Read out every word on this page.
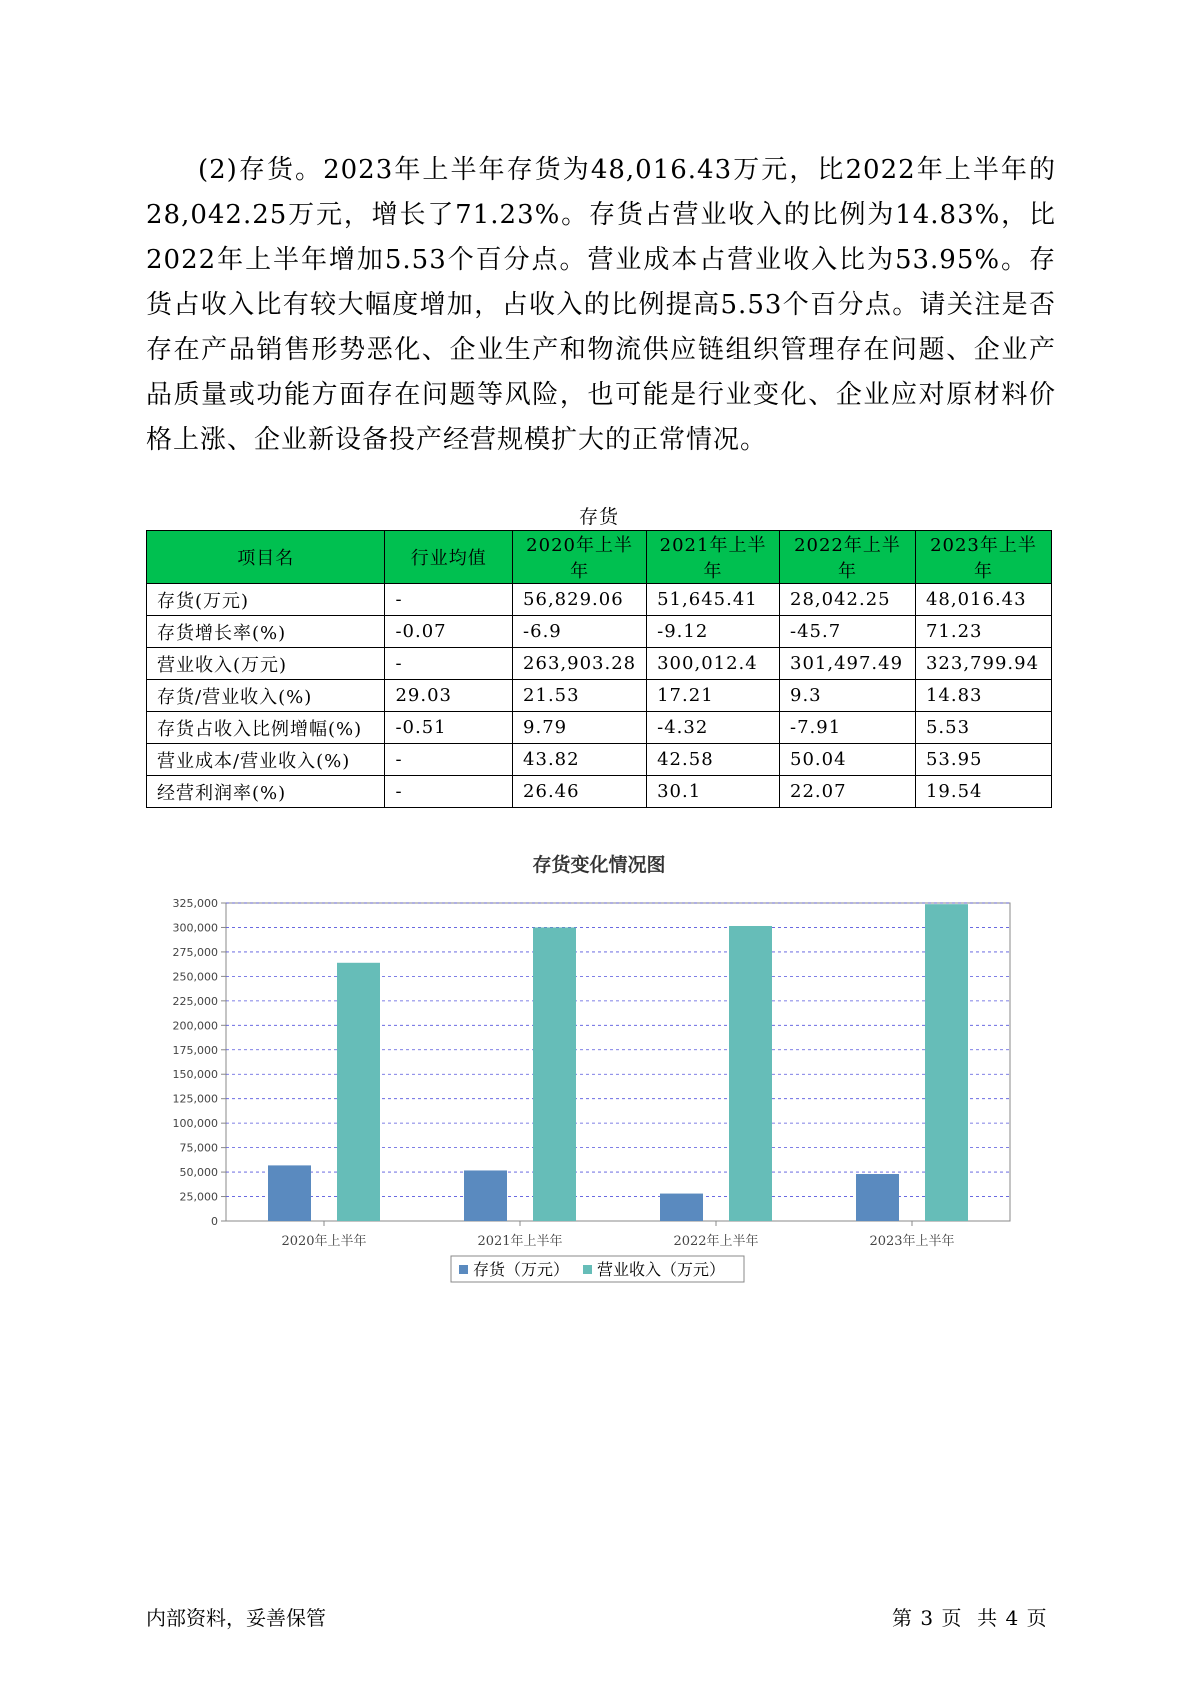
(2)存货。2023年上半年存货为48,016.43万元，比2022年上半年的28,042.25万元，增长了71.23%。存货占营业收入的比例为14.83%，比2022年上半年增加5.53个百分点。营业成本占营业收入比为53.95%。存货占收入比有较大幅度增加，占收入的比例提高5.53个百分点。请关注是否存在产品销售形势恶化、企业生产和物流供应链组织管理存在问题、企业产品质量或功能方面存在问题等风险，也可能是行业变化、企业应对原材料价格上涨、企业新设备投产经营规模扩大的正常情况。
存货
项目名	行业均值	2020年上半年	2021年上半年	2022年上半年	2023年上半年
存货(万元)	-	56,829.06	51,645.41	28,042.25	48,016.43
存货增长率(%)	-0.07	-6.9	-9.12	-45.7	71.23
营业收入(万元)	-	263,903.28	300,012.4	301,497.49	323,799.94
存货/营业收入(%)	29.03	21.53	17.21	9.3	14.83
存货占收入比例增幅(%)	-0.51	9.79	-4.32	-7.91	5.53
营业成本/营业收入(%)	-	43.82	42.58	50.04	53.95
经营利润率(%)	-	26.46	30.1	22.07	19.54
存货变化情况图
0
25,000
50,000
75,000
100,000
125,000
150,000
175,000
200,000
225,000
250,000
275,000
300,000
325,000
2020年上半年	2021年上半年	2022年上半年	2023年上半年
存货（万元） 营业收入（万元）
内部资料，妥善保管	第 3 页  共 4 页
